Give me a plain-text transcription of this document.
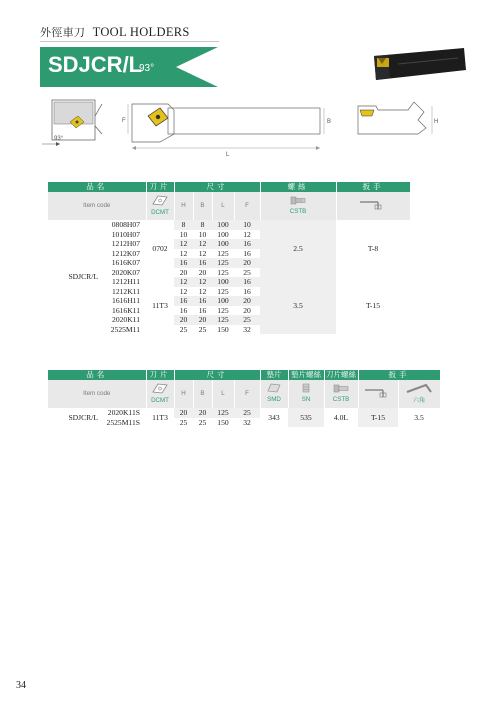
外徑車刀 TOOL HOLDERS
SDJCR/L
93°
93°
F
L
B	H
品名		刀片	尺寸				螺絲	扳手
Item code		DCMT	H	B	L	F	CSTB	

SDJCR/L	0808H07	0702	8	8	100	10	2.5	T-8
	1010H07		10	10	100	12		
	1212H07		12	12	100	16		
	1212K07		12	12	125	16		
	1616K07		16	16	125	20		
	2020K07		20	20	125	25		
	1212H11	11T3	12	12	100	16	3.5	T-15
	1212K11		12	12	125	16		
	1616H11		16	16	100	20		
	1616K11		16	16	125	20		
	2020K11		20	20	125	25		
	2525M11		25	25	150	32		
品名		刀片	尺寸				墊片	墊片螺絲	刀片螺絲	扳手	
Item code		DCMT	H	B	L	F	SMD	SN	CSTB		六角
SDJCR/L	2020K11S	11T3	20	20	125	25	343	535	4.0L	T-15	3.5
	2525M11S		25	25	150	32					
34
